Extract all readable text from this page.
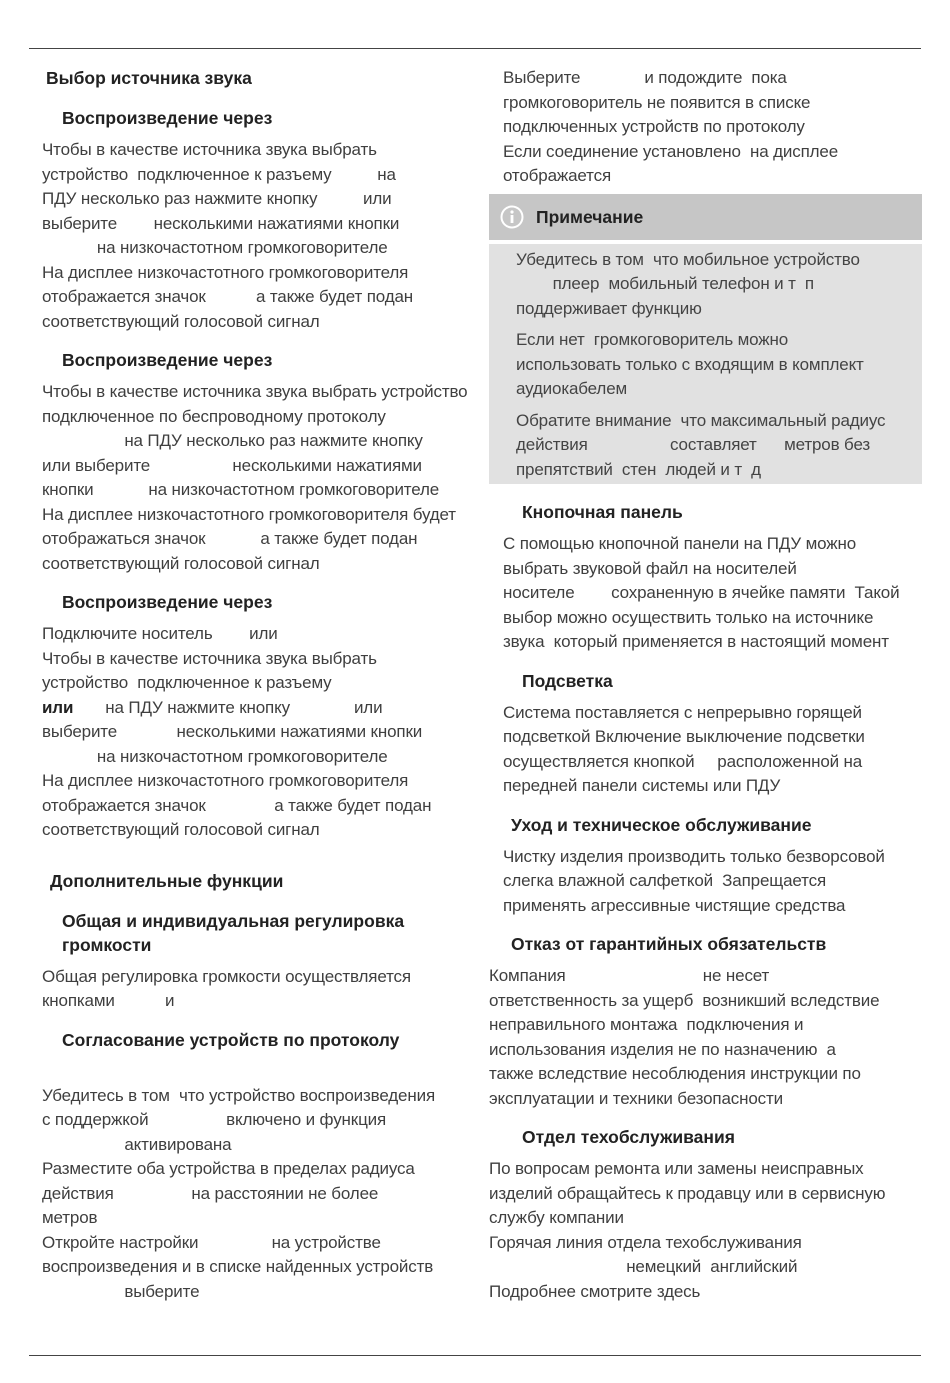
Выбор источника звука
Воспроизведение через
Чтобы в качестве источника звука выбрать
устройство  подключенное к разъему          на
ПДУ несколько раз нажмите кнопку          или
выберите        несколькими нажатиями кнопки
на низкочастотном громкоговорителе
На дисплее низкочастотного громкоговорителя
отображается значок           а также будет подан
соответствующий голосовой сигнал
Воспроизведение через
Чтобы в качестве источника звука выбрать устройство
подключенное по беспроводному протоколу
на ПДУ несколько раз нажмите кнопку
или выберите                  несколькими нажатиями
кнопки            на низкочастотном громкоговорителе
На дисплее низкочастотного громкоговорителя будет
отображаться значок            а также будет подан
соответствующий голосовой сигнал
Воспроизведение через
Подключите носитель        или
Чтобы в качестве источника звука выбрать
устройство  подключенное к разъему
или       на ПДУ нажмите кнопку              или
выберите             несколькими нажатиями кнопки
на низкочастотном громкоговорителе
На дисплее низкочастотного громкоговорителя
отображается значок               а также будет подан
соответствующий голосовой сигнал
Дополнительные функции
Общая и индивидуальная регулировка
громкости
Общая регулировка громкости осуществляется
кнопками           и
Согласование устройств по протоколу
Убедитесь в том  что устройство воспроизведения
с поддержкой                 включено и функция
активирована
Разместите оба устройства в пределах радиуса
действия                 на расстоянии не более
метров
Откройте настройки                на устройстве
воспроизведения и в списке найденных устройств
выберите
Выберите              и подождите  пока
громкоговоритель не появится в списке
подключенных устройств по протоколу
Если соединение установлено  на дисплее
отображается
Примечание
Убедитесь в том  что мобильное устройство
плеер  мобильный телефон и т  п
поддерживает функцию
Если нет  громкоговоритель можно
использовать только с входящим в комплект
аудиокабелем
Обратите внимание  что максимальный радиус
действия                  составляет      метров без
препятствий  стен  людей и т  д
Кнопочная панель
С помощью кнопочной панели на ПДУ можно
выбрать звуковой файл на носителей
носителе        сохраненную в ячейке памяти  Такой
выбор можно осуществить только на источнике
звука  который применяется в настоящий момент
Подсветка
Система поставляется с непрерывно горящей
подсветкой Включение выключение подсветки
осуществляется кнопкой     расположенной на
передней панели системы или ПДУ
Уход и техническое обслуживание
Чистку изделия производить только безворсовой
слегка влажной салфеткой  Запрещается
применять агрессивные чистящие средства
Отказ от гарантийных обязательств
Компания                              не несет
ответственность за ущерб  возникший вследствие
неправильного монтажа  подключения и
использования изделия не по назначению  а
также вследствие несоблюдения инструкции по
эксплуатации и техники безопасности
Отдел техобслуживания
По вопросам ремонта или замены неисправных
изделий обращайтесь к продавцу или в сервисную
службу компании
Горячая линия отдела техобслуживания
немецкий  английский
Подробнее смотрите здесь
